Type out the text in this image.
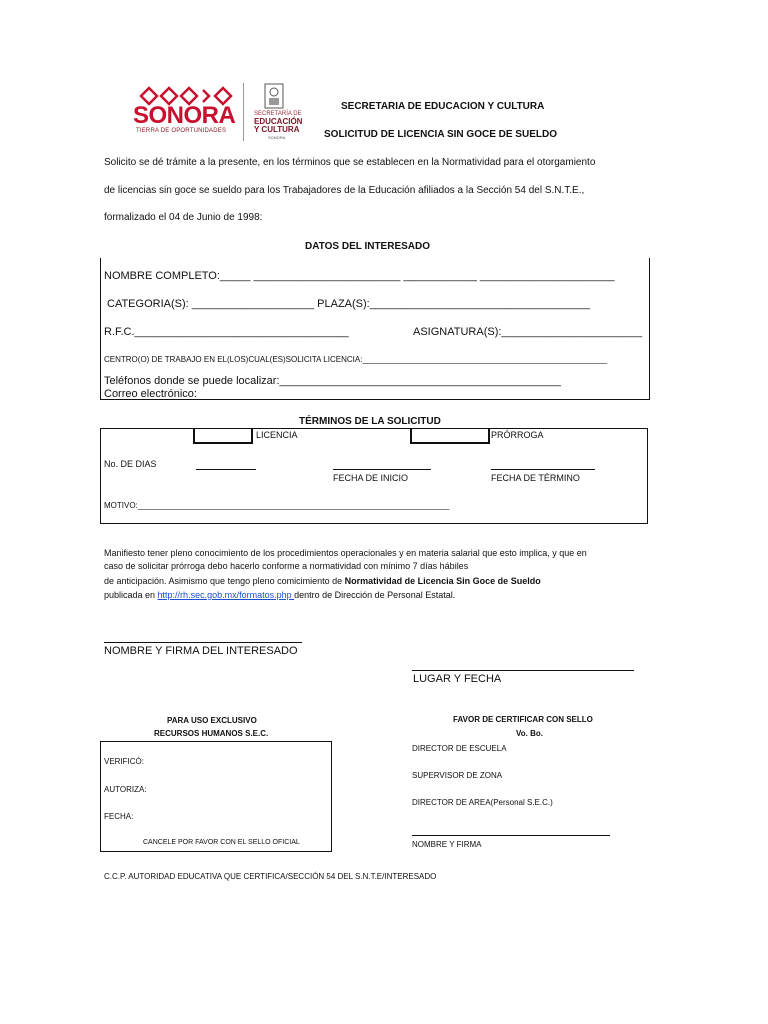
SONORA
TIERRA DE OPORTUNIDADES
SECRETARÍA DE
EDUCACIÓN
Y CULTURA
SONORA
SECRETARIA DE EDUCACION Y CULTURA
SOLICITUD DE LICENCIA SIN GOCE DE SUELDO
Solicito se dé trámite a la presente, en los términos que se establecen en la Normatividad para el otorgamiento
de licencias sin goce se sueldo para los Trabajadores de la Educación afiliados a la Sección 54 del S.N.T.E.,
formalizado el 04 de Junio de 1998:
DATOS DEL INTERESADO
NOMBRE COMPLETO:_____ ________________________ ____________ ______________________
CATEGORIA(S): ____________________ PLAZA(S):____________________________________
R.F.C.___________________________________	ASIGNATURA(S):_______________________
CENTRO(O) DE TRABAJO EN EL(LOS)CUAL(ES)SOLICITA LICENCIA:_______________________________________________________
Teléfonos donde se puede localizar:______________________________________________
Correo electrónico:
TÉRMINOS DE LA SOLICITUD
LICENCIA	PRÓRROGA
No. DE DIAS
FECHA DE INICIO	FECHA DE TÉRMINO
MOTIVO:______________________________________________________________________
Manifiesto tener pleno conocimiento de los procedimientos operacionales y en materia salarial que esto implica, y que en
caso de solicitar prórroga debo hacerlo conforme a normatividad con mínimo 7 días hábiles
de anticipación. Asimismo que tengo pleno comicimiento de Normatividad de Licencia Sin Goce de Sueldo
publicada en http://rh.sec.gob.mx/formatos.php dentro de Dirección de Personal Estatal.
NOMBRE Y FIRMA DEL INTERESADO
LUGAR Y FECHA
PARA USO EXCLUSIVO
RECURSOS HUMANOS S.E.C.
VERIFICÓ:
AUTORIZA:
FECHA:
CANCELE POR FAVOR CON EL SELLO OFICIAL
FAVOR DE CERTIFICAR CON SELLO
Vo. Bo.
DIRECTOR DE ESCUELA
SUPERVISOR DE ZONA
DIRECTOR DE AREA(Personal S.E.C.)
NOMBRE Y FIRMA
C.C.P. AUTORIDAD EDUCATIVA QUE CERTIFICA/SECCIÓN 54 DEL S.N.T.E/INTERESADO
